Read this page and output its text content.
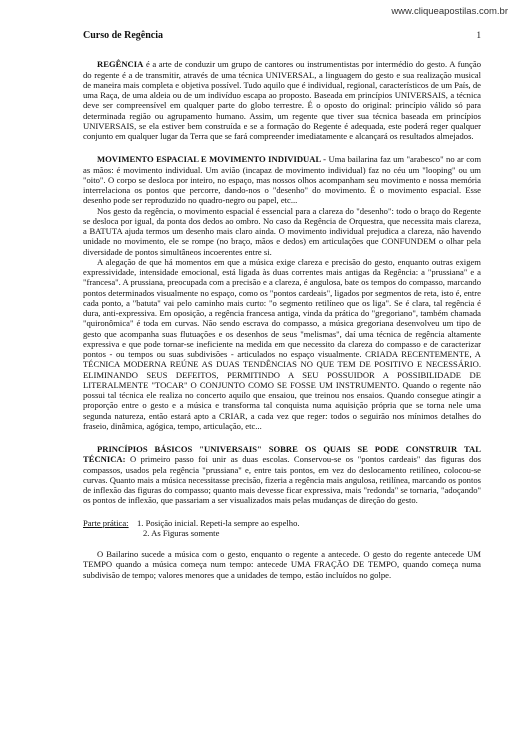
www.cliqueapostilas.com.br
Curso de Regência	1

REGÊNCIA é a arte de conduzir um grupo de cantores ou instrumentistas por intermédio do gesto. A função do regente é a de transmitir, através de uma técnica UNIVERSAL, a linguagem do gesto e sua realização musical de maneira mais completa e objetiva possível. Tudo aquilo que é individual, regional, característicos de um País, de uma Raça, de uma aldeia ou de um indivíduo escapa ao proposto. Baseada em princípios UNIVERSAIS, a técnica deve ser compreensível em qualquer parte do globo terrestre. É o oposto do original: princípio válido só para determinada região ou agrupamento humano. Assim, um regente que tiver sua técnica baseada em princípios UNIVERSAIS, se ela estiver bem construída e se a formação do Regente é adequada, este poderá reger qualquer conjunto em qualquer lugar da Terra que se fará compreender imediatamente e alcançará os resultados almejados.

MOVIMENTO ESPACIAL E MOVIMENTO INDIVIDUAL - Uma bailarina faz um "arabesco" no ar com as mãos: é movimento individual. Um avião (incapaz de movimento individual) faz no céu um "looping" ou um "oito". O corpo se desloca por inteiro, no espaço, mas nossos olhos acompanham seu movimento e nossa memória interrelaciona os pontos que percorre, dando-nos o "desenho" do movimento. É o movimento espacial. Esse desenho pode ser reproduzido no quadro-negro ou papel, etc...

Nos gesto da regência, o movimento espacial é essencial para a clareza do "desenho": todo o braço do Regente se desloca por igual, da ponta dos dedos ao ombro. No caso da Regência de Orquestra, que necessita mais clareza, a BATUTA ajuda termos um desenho mais claro ainda. O movimento individual prejudica a clareza, não havendo unidade no movimento, ele se rompe (no braço, mãos e dedos) em articulações que CONFUNDEM o olhar pela diversidade de pontos simultâneos incoerentes entre si.

A alegação de que há momentos em que a música exige clareza e precisão do gesto, enquanto outras exigem expressividade, intensidade emocional, está ligada às duas correntes mais antigas da Regência: a "prussiana" e a "francesa". A prussiana, preocupada com a precisão e a clareza, é angulosa, bate os tempos do compasso, marcando pontos determinados visualmente no espaço, como os "pontos cardeais", ligados por segmentos de reta, isto é, entre cada ponto, a "batuta" vai pelo caminho mais curto: "o segmento retilíneo que os liga". Se é clara, tal regência é dura, anti-expressiva. Em oposição, a regência francesa antiga, vinda da prática do "gregoriano", também chamada "quironômica" é toda em curvas. Não sendo escrava do compasso, a música gregoriana desenvolveu um tipo de gesto que acompanha suas flutuações e os desenhos de seus "melismas", daí uma técnica de regência altamente expressiva e que pode tornar-se ineficiente na medida em que necessito da clareza do compasso e de caracterizar pontos - ou tempos ou suas subdivisões - articulados no espaço visualmente. CRIADA RECENTEMENTE, A TÉCNICA MODERNA REÚNE AS DUAS TENDÊNCIAS NO QUE TEM DE POSITIVO E NECESSÁRIO. ELIMINANDO SEUS DEFEITOS, PERMITINDO A SEU POSSUIDOR A POSSIBILIDADE DE LITERALMENTE "TOCAR" O CONJUNTO COMO SE FOSSE UM INSTRUMENTO. Quando o regente não possui tal técnica ele realiza no concerto aquilo que ensaiou, que treinou nos ensaios. Quando consegue atingir a proporção entre o gesto e a música e transforma tal conquista numa aquisição própria que se torna nele uma segunda natureza, então estará apto a CRIAR, a cada vez que reger: todos o seguirão nos mínimos detalhes do fraseio, dinâmica, agógica, tempo, articulação, etc...

PRINCÍPIOS BÁSICOS "UNIVERSAIS" SOBRE OS QUAIS SE PODE CONSTRUIR TAL TÉCNICA: O primeiro passo foi unir as duas escolas. Conservou-se os "pontos cardeais" das figuras dos compassos, usados pela regência "prussiana" e, entre tais pontos, em vez do deslocamento retilíneo, colocou-se curvas. Quanto mais a música necessitasse precisão, fizeria a regência mais angulosa, retilínea, marcando os pontos de inflexão das figuras do compasso; quanto mais devesse ficar expressiva, mais "redonda" se tornaria, "adoçando" os pontos de inflexão, que passariam a ser visualizados mais pelas mudanças de direção do gesto.

Parte prática: 1. Posição inicial. Repeti-la sempre ao espelho.
2. As Figuras somente

O Bailarino sucede a música com o gesto, enquanto o regente a antecede. O gesto do regente antecede UM TEMPO quando a música começa num tempo: antecede UMA FRAÇÃO DE TEMPO, quando começa numa subdivisão de tempo; valores menores que a unidades de tempo, estão incluídos no golpe.
